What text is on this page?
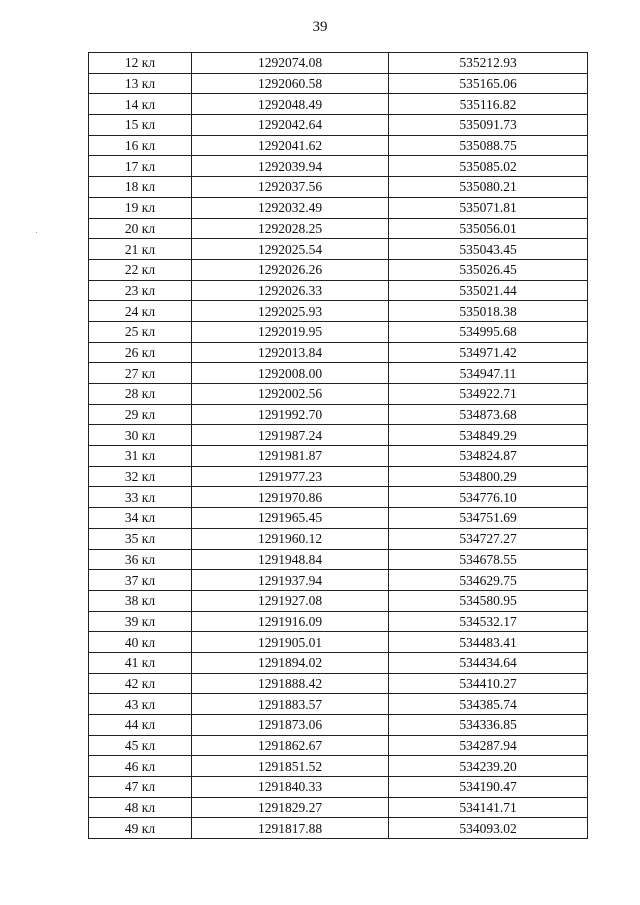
39
12 кл	1292074.08	535212.93
13 кл	1292060.58	535165.06
14 кл	1292048.49	535116.82
15 кл	1292042.64	535091.73
16 кл	1292041.62	535088.75
17 кл	1292039.94	535085.02
18 кл	1292037.56	535080.21
19 кл	1292032.49	535071.81
20 кл	1292028.25	535056.01
21 кл	1292025.54	535043.45
22 кл	1292026.26	535026.45
23 кл	1292026.33	535021.44
24 кл	1292025.93	535018.38
25 кл	1292019.95	534995.68
26 кл	1292013.84	534971.42
27 кл	1292008.00	534947.11
28 кл	1292002.56	534922.71
29 кл	1291992.70	534873.68
30 кл	1291987.24	534849.29
31 кл	1291981.87	534824.87
32 кл	1291977.23	534800.29
33 кл	1291970.86	534776.10
34 кл	1291965.45	534751.69
35 кл	1291960.12	534727.27
36 кл	1291948.84	534678.55
37 кл	1291937.94	534629.75
38 кл	1291927.08	534580.95
39 кл	1291916.09	534532.17
40 кл	1291905.01	534483.41
41 кл	1291894.02	534434.64
42 кл	1291888.42	534410.27
43 кл	1291883.57	534385.74
44 кл	1291873.06	534336.85
45 кл	1291862.67	534287.94
46 кл	1291851.52	534239.20
47 кл	1291840.33	534190.47
48 кл	1291829.27	534141.71
49 кл	1291817.88	534093.02
